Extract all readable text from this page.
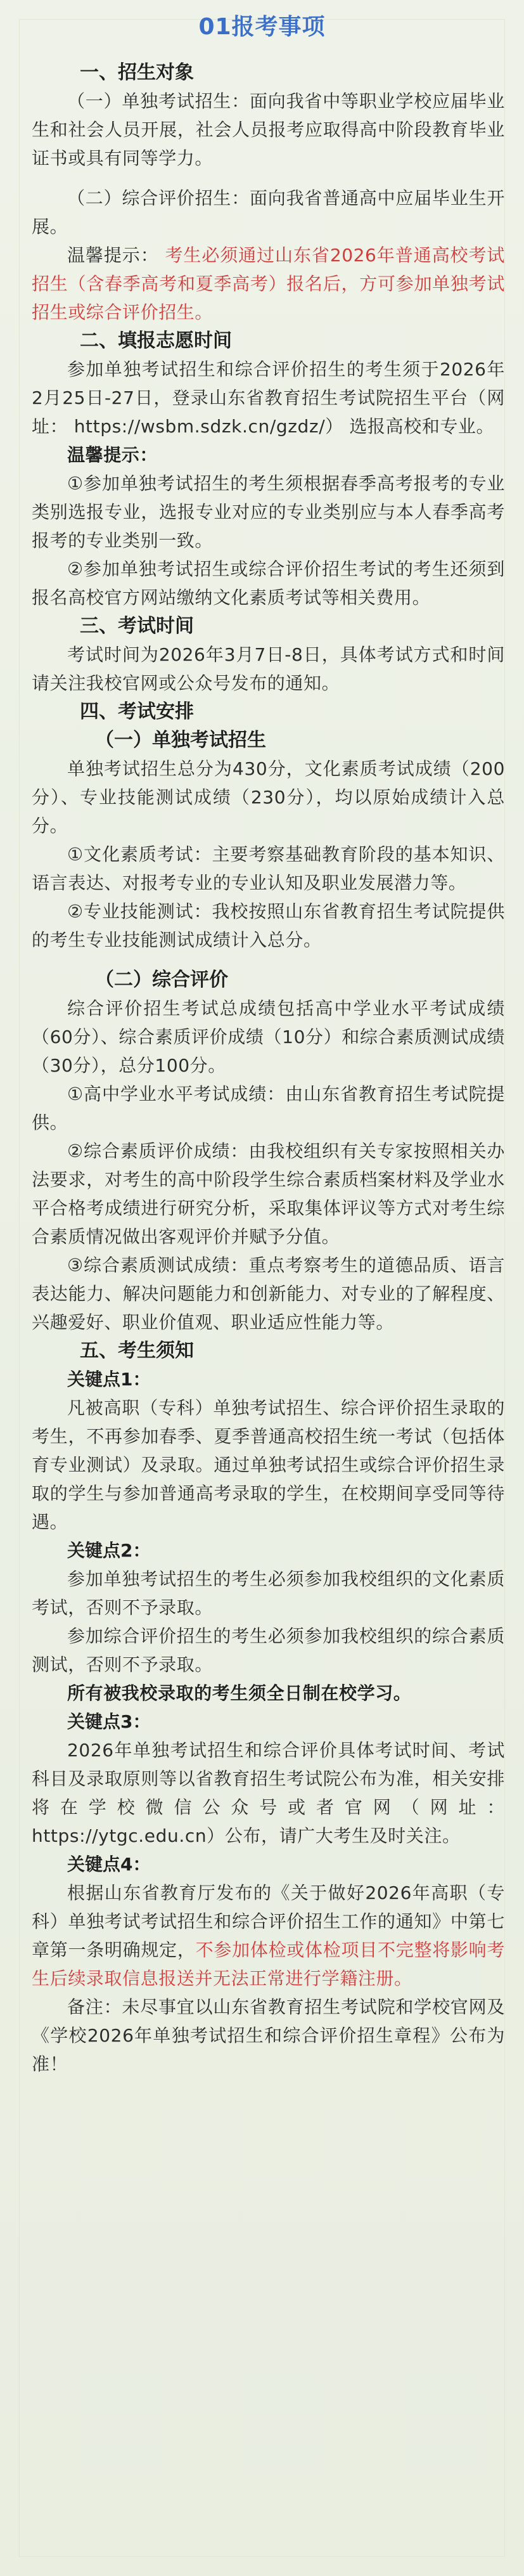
01报考事项
一、招生对象

（一）单独考试招生：面向我省中等职业学校应届毕业生和社会人员开展，社会人员报考应取得高中阶段教育毕业证书或具有同等学力。

（二）综合评价招生：面向我省普通高中应届毕业生开展。

温馨提示： 考生必须通过山东省2026年普通高校考试招生（含春季高考和夏季高考）报名后，方可参加单独考试招生或综合评价招生。

二、填报志愿时间

参加单独考试招生和综合评价招生的考生须于2026年2月25日-27日，登录山东省教育招生考试院招生平台（网址： https://wsbm.sdzk.cn/gzdz/） 选报高校和专业。

温馨提示：

①参加单独考试招生的考生须根据春季高考报考的专业类别选报专业，选报专业对应的专业类别应与本人春季高考报考的专业类别一致。

②参加单独考试招生或综合评价招生考试的考生还须到报名高校官方网站缴纳文化素质考试等相关费用。

三、考试时间

考试时间为2026年3月7日-8日，具体考试方式和时间请关注我校官网或公众号发布的通知。

四、考试安排
（一）单独考试招生

单独考试招生总分为430分，文化素质考试成绩（200分）、专业技能测试成绩（230分），均以原始成绩计入总分。

①文化素质考试：主要考察基础教育阶段的基本知识、语言表达、对报考专业的专业认知及职业发展潜力等。

②专业技能测试：我校按照山东省教育招生考试院提供的考生专业技能测试成绩计入总分。

（二）综合评价

综合评价招生考试总成绩包括高中学业水平考试成绩（60分）、综合素质评价成绩（10分）和综合素质测试成绩（30分），总分100分。

①高中学业水平考试成绩：由山东省教育招生考试院提供。

②综合素质评价成绩：由我校组织有关专家按照相关办法要求，对考生的高中阶段学生综合素质档案材料及学业水平合格考成绩进行研究分析，采取集体评议等方式对考生综合素质情况做出客观评价并赋予分值。

③综合素质测试成绩：重点考察考生的道德品质、语言表达能力、解决问题能力和创新能力、对专业的了解程度、兴趣爱好、职业价值观、职业适应性能力等。

五、考生须知
关键点1：

凡被高职（专科）单独考试招生、综合评价招生录取的考生，不再参加春季、夏季普通高校招生统一考试（包括体育专业测试）及录取。通过单独考试招生或综合评价招生录取的学生与参加普通高考录取的学生，在校期间享受同等待遇。

关键点2：

参加单独考试招生的考生必须参加我校组织的文化素质考试，否则不予录取。

参加综合评价招生的考生必须参加我校组织的综合素质测试，否则不予录取。

所有被我校录取的考生须全日制在校学习。

关键点3：

2026年单独考试招生和综合评价具体考试时间、考试科目及录取原则等以省教育招生考试院公布为准，相关安排将在学校微信公众号或者官网（网址：https://ytgc.edu.cn）公布，请广大考生及时关注。

关键点4：

根据山东省教育厅发布的《关于做好2026年高职（专科）单独考试考试招生和综合评价招生工作的通知》中第七章第一条明确规定，不参加体检或体检项目不完整将影响考生后续录取信息报送并无法正常进行学籍注册。

备注：未尽事宜以山东省教育招生考试院和学校官网及《学校2026年单独考试招生和综合评价招生章程》公布为准！
